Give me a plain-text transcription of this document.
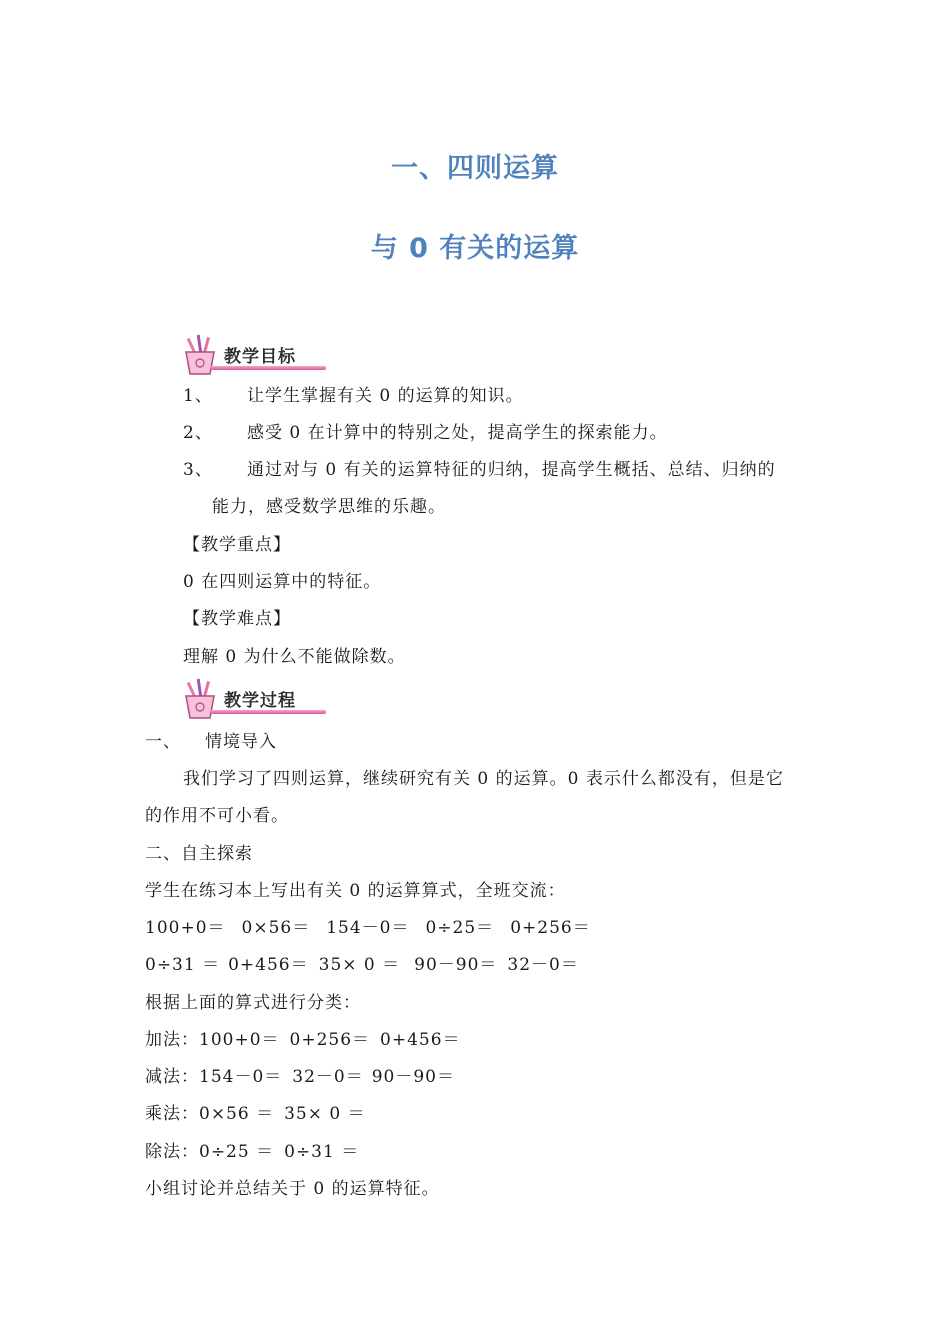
一、四则运算
与 0 有关的运算
教学目标
1、 让学生掌握有关 0 的运算的知识。
2、 感受 0 在计算中的特别之处，提高学生的探索能力。
3、 通过对与 0 有关的运算特征的归纳，提高学生概括、总结、归纳的
能力，感受数学思维的乐趣。
【教学重点】
0 在四则运算中的特征。
【教学难点】
理解 0 为什么不能做除数。
教学过程
一、 情境导入
我们学习了四则运算，继续研究有关 0 的运算。0 表示什么都没有，但是它
的作用不可小看。
二、自主探索
学生在练习本上写出有关 0 的运算算式，全班交流：
100+0＝ 0×56＝ 154－0＝ 0÷25＝ 0+256＝
0÷31 ＝ 0+456＝ 35× 0 ＝ 90－90＝ 32－0＝
根据上面的算式进行分类：
加法：100+0＝ 0+256＝ 0+456＝
减法：154－0＝ 32－0＝ 90－90＝
乘法：0×56 ＝ 35× 0 ＝
除法：0÷25 ＝ 0÷31 ＝
小组讨论并总结关于 0 的运算特征。
